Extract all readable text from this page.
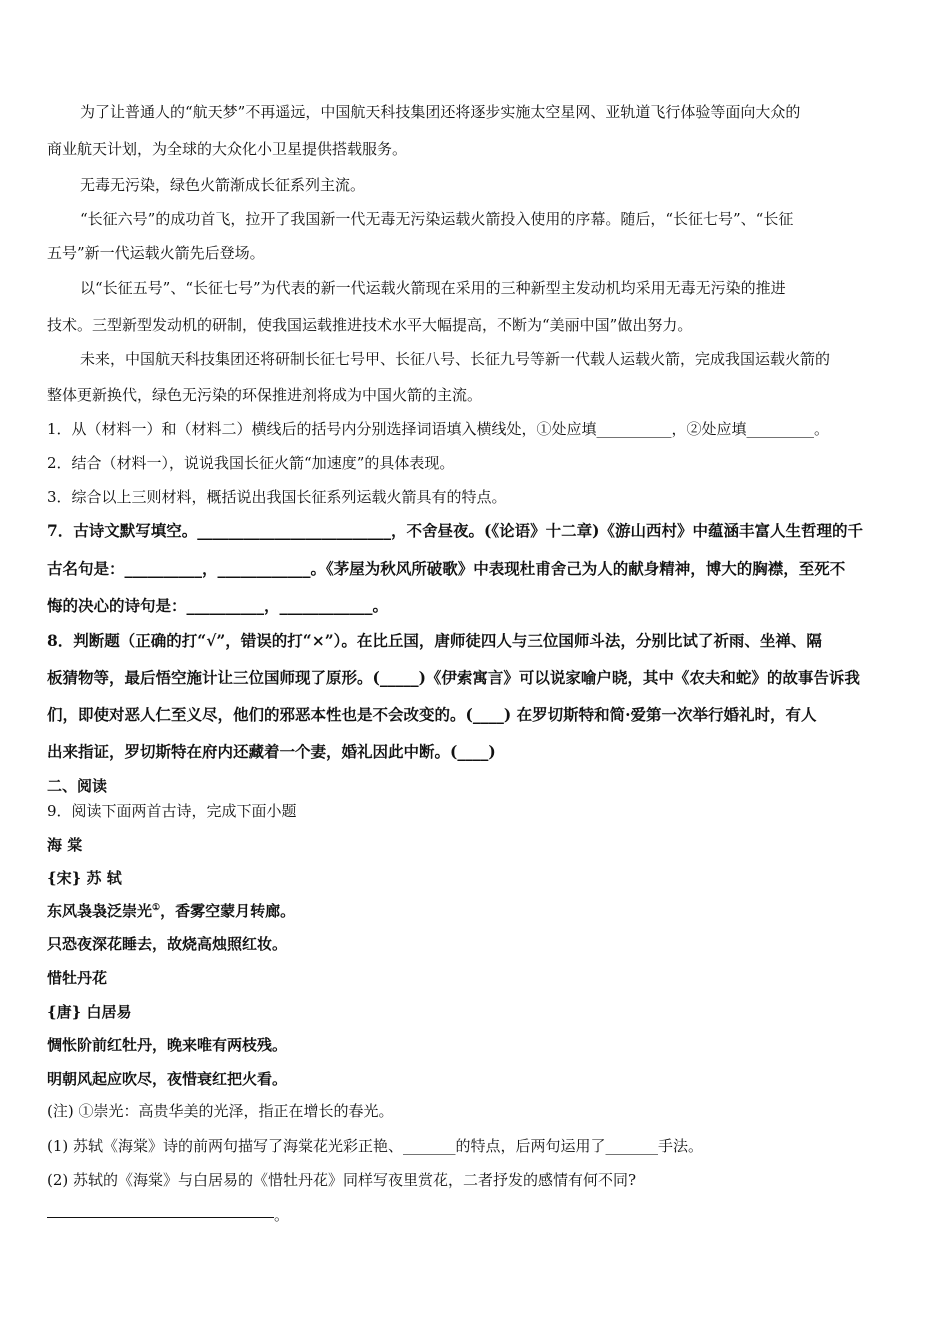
为了让普通人的“航天梦”不再遥远，中国航天科技集团还将逐步实施太空星网、亚轨道飞行体验等面向大众的
商业航天计划，为全球的大众化小卫星提供搭载服务。
无毒无污染，绿色火箭渐成长征系列主流。
“长征六号”的成功首飞，拉开了我国新一代无毒无污染运载火箭投入使用的序幕。随后，“长征七号”、“长征
五号”新一代运载火箭先后登场。
以“长征五号”、“长征七号”为代表的新一代运载火箭现在采用的三种新型主发动机均采用无毒无污染的推进
技术。三型新型发动机的研制，使我国运载推进技术水平大幅提高，不断为“美丽中国”做出努力。
未来，中国航天科技集团还将研制长征七号甲、长征八号、长征九号等新一代载人运载火箭，完成我国运载火箭的
整体更新换代，绿色无污染的环保推进剂将成为中国火箭的主流。
1．从（材料一）和（材料二）横线后的括号内分别选择词语填入横线处，①处应填__________，②处应填_________。
2．结合（材料一），说说我国长征火箭“加速度”的具体表现。
3．综合以上三则材料，概括说出我国长征系列运载火箭具有的特点。
7．古诗文默写填空。_________________________，不舍昼夜。(《论语》十二章)《游山西村》中蕴涵丰富人生哲理的千
古名句是：__________，____________。《茅屋为秋风所破歌》中表现杜甫舍己为人的献身精神，博大的胸襟，至死不
悔的决心的诗句是：__________，____________。
8．判断题（正确的打“√”，错误的打“×”）。在比丘国，唐师徒四人与三位国师斗法，分别比试了祈雨、坐禅、隔
板猜物等，最后悟空施计让三位国师现了原形。(_____)《伊索寓言》可以说家喻户晓，其中《农夫和蛇》的故事告诉我
们，即使对恶人仁至义尽，他们的邪恶本性也是不会改变的。(____) 在罗切斯特和简·爱第一次举行婚礼时，有人
出来指证，罗切斯特在府内还藏着一个妻，婚礼因此中断。(____)
二、阅读
9．阅读下面两首古诗，完成下面小题
海 棠
{宋} 苏 轼
东风袅袅泛崇光①，香雾空蒙月转廊。
只恐夜深花睡去，故烧高烛照红妆。
惜牡丹花
{唐} 白居易
惆怅阶前红牡丹，晚来唯有两枝残。
明朝风起应吹尽，夜惜衰红把火看。
(注) ①崇光：高贵华美的光泽，指正在增长的春光。
(1) 苏轼《海棠》诗的前两句描写了海棠花光彩正艳、_______的特点，后两句运用了_______手法。
(2) 苏轼的《海棠》与白居易的《惜牡丹花》同样写夜里赏花，二者抒发的感情有何不同?
。
